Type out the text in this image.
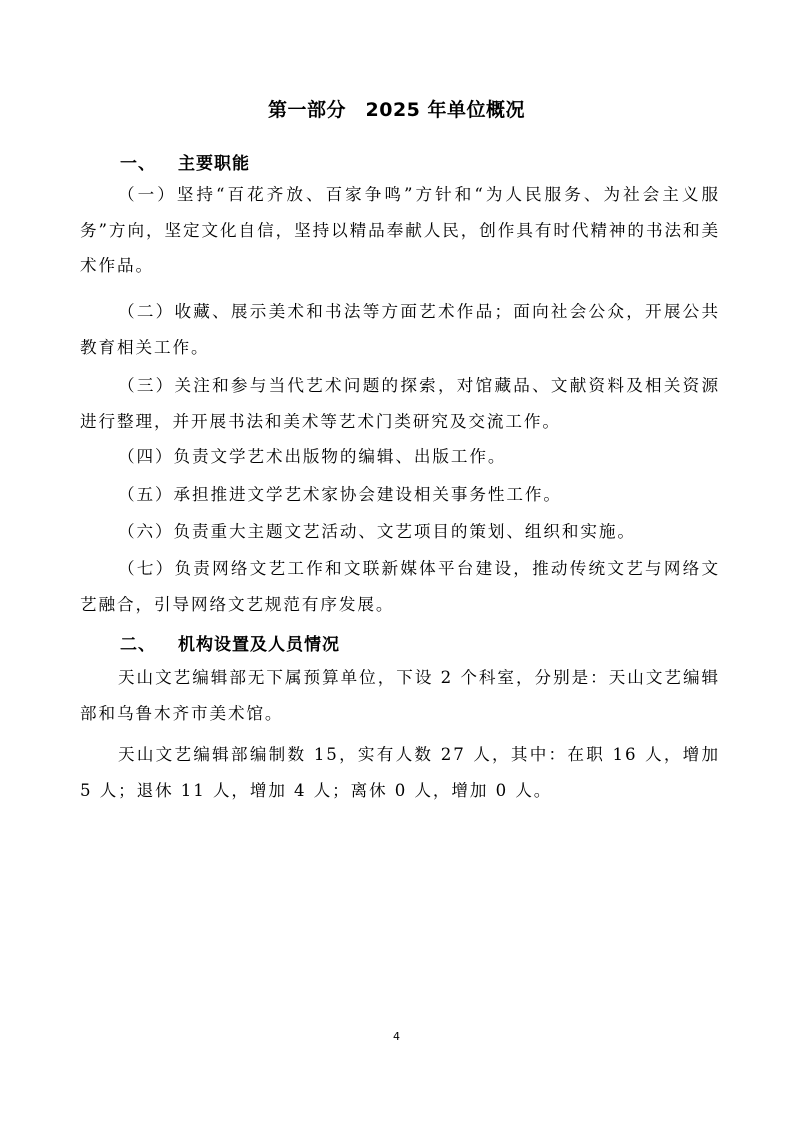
第一部分　2025 年单位概况
一、 主要职能

（一）坚持“百花齐放、百家争鸣”方针和“为人民服务、为社会主义服务”方向，坚定文化自信，坚持以精品奉献人民，创作具有时代精神的书法和美术作品。

（二）收藏、展示美术和书法等方面艺术作品；面向社会公众，开展公共教育相关工作。

（三）关注和参与当代艺术问题的探索，对馆藏品、文献资料及相关资源进行整理，并开展书法和美术等艺术门类研究及交流工作。

（四）负责文学艺术出版物的编辑、出版工作。

（五）承担推进文学艺术家协会建设相关事务性工作。

（六）负责重大主题文艺活动、文艺项目的策划、组织和实施。

（七）负责网络文艺工作和文联新媒体平台建设，推动传统文艺与网络文艺融合，引导网络文艺规范有序发展。

二、 机构设置及人员情况

天山文艺编辑部无下属预算单位，下设 2 个科室，分别是：天山文艺编辑部和乌鲁木齐市美术馆。

天山文艺编辑部编制数 15，实有人数 27 人，其中：在职 16 人，增加 5 人；退休 11 人，增加 4 人；离休 0 人，增加 0 人。

4
